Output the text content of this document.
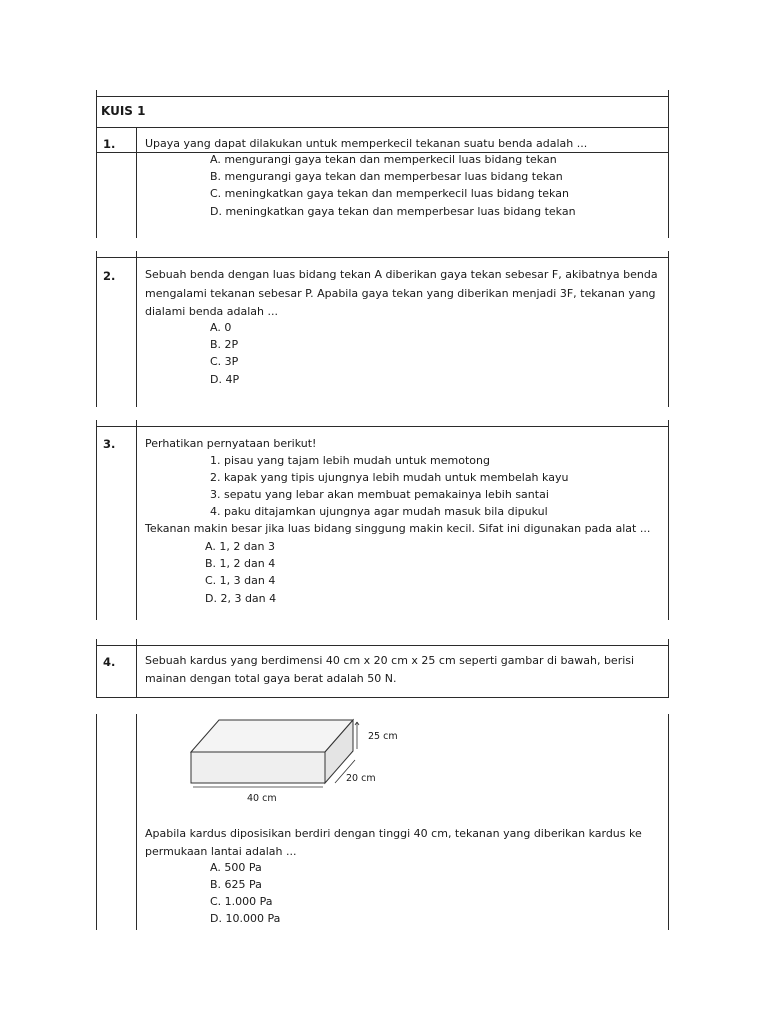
KUIS 1
1.	Upaya yang dapat dilakukan untuk memperkecil tekanan suatu benda adalah ...
A. mengurangi gaya tekan dan memperkecil luas bidang tekan
B. mengurangi gaya tekan dan memperbesar luas bidang tekan
C. meningkatkan gaya tekan dan memperkecil luas bidang tekan
D. meningkatkan gaya tekan dan memperbesar luas bidang tekan
2.	Sebuah benda dengan luas bidang tekan A diberikan gaya tekan sebesar F, akibatnya benda
mengalami tekanan sebesar P. Apabila gaya tekan yang diberikan menjadi 3F, tekanan yang
dialami benda adalah ...
A. 0
B. 2P
C. 3P
D. 4P
3.	Perhatikan pernyataan berikut!
1. pisau yang tajam lebih mudah untuk memotong
2. kapak yang tipis ujungnya lebih mudah untuk membelah kayu
3. sepatu yang lebar akan membuat pemakainya lebih santai
4. paku ditajamkan ujungnya agar mudah masuk bila dipukul
Tekanan makin besar jika luas bidang singgung makin kecil. Sifat ini digunakan pada alat ...
A. 1, 2 dan 3
B. 1, 2 dan 4
C. 1, 3 dan 4
D. 2, 3 dan 4
4.	Sebuah kardus yang berdimensi 40 cm x 20 cm x 25 cm seperti gambar di bawah, berisi
mainan dengan total gaya berat adalah 50 N.
25 cm
20 cm
40 cm
Apabila kardus diposisikan berdiri dengan tinggi 40 cm, tekanan yang diberikan kardus ke
permukaan lantai adalah ...
A. 500 Pa
B. 625 Pa
C. 1.000 Pa
D. 10.000 Pa
